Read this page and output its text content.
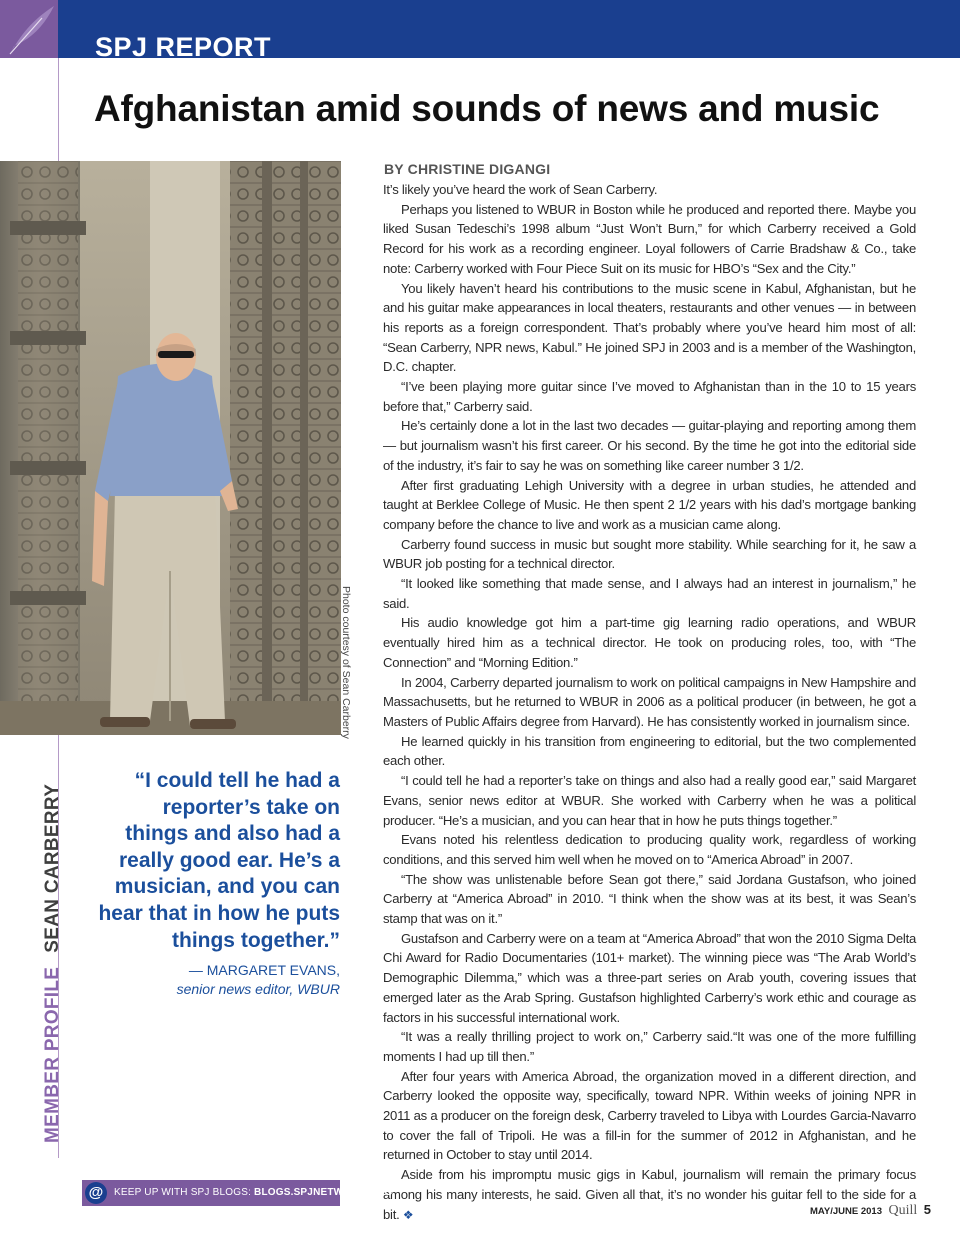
SPJ REPORT
Afghanistan amid sounds of news and music
Photo courtesy of Sean Carberry
“I could tell he had a reporter’s take on things and also had a really good ear. He’s a musician, and you can hear that in how he puts things together.”
— MARGARET EVANS,
senior news editor, WBUR
MEMBER PROFILESEAN CARBERRY
BY CHRISTINE DIGANGI

It’s likely you’ve heard the work of Sean Carberry.

Perhaps you listened to WBUR in Boston while he produced and reported there. Maybe you liked Susan Tedeschi’s 1998 album “Just Won’t Burn,” for which Carberry received a Gold Record for his work as a recording engineer. Loyal followers of Carrie Bradshaw & Co., take note: Carberry worked with Four Piece Suit on its music for HBO’s “Sex and the City.”

You likely haven’t heard his contributions to the music scene in Kabul, Afghanistan, but he and his guitar make appearances in local theaters, restaurants and other venues — in between his reports as a foreign correspondent. That’s probably where you’ve heard him most of all: “Sean Carberry, NPR news, Kabul.” He joined SPJ in 2003 and is a member of the Washington, D.C. chapter.

“I’ve been playing more guitar since I’ve moved to Afghanistan than in the 10 to 15 years before that,” Carberry said.

He’s certainly done a lot in the last two decades — guitar-playing and reporting among them — but journalism wasn’t his first career. Or his second. By the time he got into the editorial side of the industry, it’s fair to say he was on something like career number 3 1/2.

After first graduating Lehigh University with a degree in urban studies, he attended and taught at Berklee College of Music. He then spent 2 1/2 years with his dad’s mortgage banking company before the chance to live and work as a musician came along.

Carberry found success in music but sought more stability. While searching for it, he saw a WBUR job posting for a technical director.

“It looked like something that made sense, and I always had an interest in journalism,” he said.

His audio knowledge got him a part-time gig learning radio operations, and WBUR eventually hired him as a technical director. He took on producing roles, too, with “The Connection” and “Morning Edition.”

In 2004, Carberry departed journalism to work on political campaigns in New Hampshire and Massachusetts, but he returned to WBUR in 2006 as a political producer (in between, he got a Masters of Public Affairs degree from Harvard). He has consistently worked in journalism since.

He learned quickly in his transition from engineering to editorial, but the two complemented each other.

“I could tell he had a reporter’s take on things and also had a really good ear,” said Margaret Evans, senior news editor at WBUR. She worked with Carberry when he was a political producer. “He’s a musician, and you can hear that in how he puts things together.”

Evans noted his relentless dedication to producing quality work, regardless of working conditions, and this served him well when he moved on to “America Abroad” in 2007.

“The show was unlistenable before Sean got there,” said Jordana Gustafson, who joined Carberry at “America Abroad” in 2010. “I think when the show was at its best, it was Sean’s stamp that was on it.”

Gustafson and Carberry were on a team at “America Abroad” that won the 2010 Sigma Delta Chi Award for Radio Documentaries (101+ market). The winning piece was “The Arab World’s Demographic Dilemma,” which was a three-part series on Arab youth, covering issues that emerged later as the Arab Spring. Gustafson highlighted Carberry’s work ethic and courage as factors in his successful international work.

“It was a really thrilling project to work on,” Carberry said.“It was one of the more fulfilling moments I had up till then.”

After four years with America Abroad, the organization moved in a different direction, and Carberry looked the opposite way, specifically, toward NPR. Within weeks of joining NPR in 2011 as a producer on the foreign desk, Carberry traveled to Libya with Lourdes Garcia-Navarro to cover the fall of Tripoli. He was a fill-in for the summer of 2012 in Afghanistan, and he returned in October to stay until 2014.

Aside from his impromptu music gigs in Kabul, journalism will remain the primary focus among his many interests, he said. Given all that, it’s no wonder his guitar fell to the side for a bit. ❖

@	KEEP UP WITH SPJ BLOGS: BLOGS.SPJNETWORK.ORG
MAY/JUNE 2013 Quill 5
